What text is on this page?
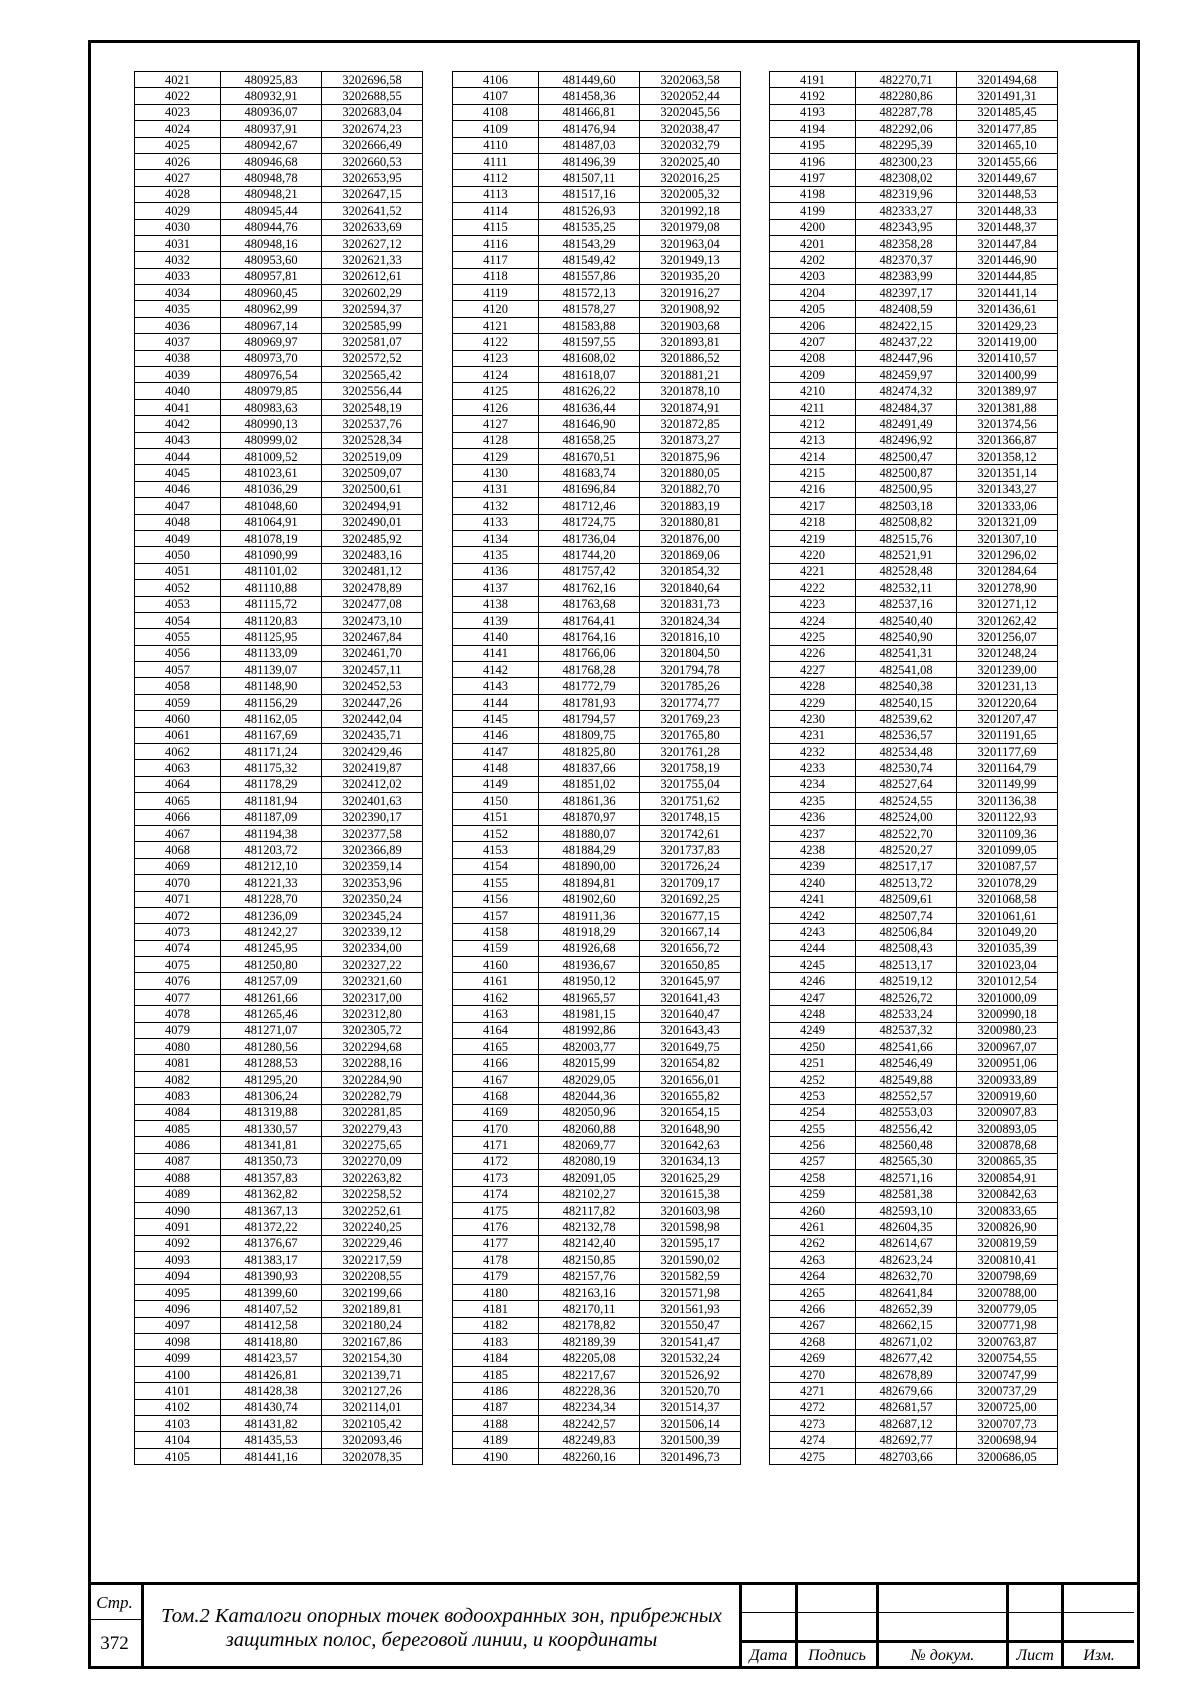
4021	480925,83	3202696,58
4022	480932,91	3202688,55
4023	480936,07	3202683,04
4024	480937,91	3202674,23
4025	480942,67	3202666,49
4026	480946,68	3202660,53
4027	480948,78	3202653,95
4028	480948,21	3202647,15
4029	480945,44	3202641,52
4030	480944,76	3202633,69
4031	480948,16	3202627,12
4032	480953,60	3202621,33
4033	480957,81	3202612,61
4034	480960,45	3202602,29
4035	480962,99	3202594,37
4036	480967,14	3202585,99
4037	480969,97	3202581,07
4038	480973,70	3202572,52
4039	480976,54	3202565,42
4040	480979,85	3202556,44
4041	480983,63	3202548,19
4042	480990,13	3202537,76
4043	480999,02	3202528,34
4044	481009,52	3202519,09
4045	481023,61	3202509,07
4046	481036,29	3202500,61
4047	481048,60	3202494,91
4048	481064,91	3202490,01
4049	481078,19	3202485,92
4050	481090,99	3202483,16
4051	481101,02	3202481,12
4052	481110,88	3202478,89
4053	481115,72	3202477,08
4054	481120,83	3202473,10
4055	481125,95	3202467,84
4056	481133,09	3202461,70
4057	481139,07	3202457,11
4058	481148,90	3202452,53
4059	481156,29	3202447,26
4060	481162,05	3202442,04
4061	481167,69	3202435,71
4062	481171,24	3202429,46
4063	481175,32	3202419,87
4064	481178,29	3202412,02
4065	481181,94	3202401,63
4066	481187,09	3202390,17
4067	481194,38	3202377,58
4068	481203,72	3202366,89
4069	481212,10	3202359,14
4070	481221,33	3202353,96
4071	481228,70	3202350,24
4072	481236,09	3202345,24
4073	481242,27	3202339,12
4074	481245,95	3202334,00
4075	481250,80	3202327,22
4076	481257,09	3202321,60
4077	481261,66	3202317,00
4078	481265,46	3202312,80
4079	481271,07	3202305,72
4080	481280,56	3202294,68
4081	481288,53	3202288,16
4082	481295,20	3202284,90
4083	481306,24	3202282,79
4084	481319,88	3202281,85
4085	481330,57	3202279,43
4086	481341,81	3202275,65
4087	481350,73	3202270,09
4088	481357,83	3202263,82
4089	481362,82	3202258,52
4090	481367,13	3202252,61
4091	481372,22	3202240,25
4092	481376,67	3202229,46
4093	481383,17	3202217,59
4094	481390,93	3202208,55
4095	481399,60	3202199,66
4096	481407,52	3202189,81
4097	481412,58	3202180,24
4098	481418,80	3202167,86
4099	481423,57	3202154,30
4100	481426,81	3202139,71
4101	481428,38	3202127,26
4102	481430,74	3202114,01
4103	481431,82	3202105,42
4104	481435,53	3202093,46
4105	481441,16	3202078,35
4106	481449,60	3202063,58
4107	481458,36	3202052,44
4108	481466,81	3202045,56
4109	481476,94	3202038,47
4110	481487,03	3202032,79
4111	481496,39	3202025,40
4112	481507,11	3202016,25
4113	481517,16	3202005,32
4114	481526,93	3201992,18
4115	481535,25	3201979,08
4116	481543,29	3201963,04
4117	481549,42	3201949,13
4118	481557,86	3201935,20
4119	481572,13	3201916,27
4120	481578,27	3201908,92
4121	481583,88	3201903,68
4122	481597,55	3201893,81
4123	481608,02	3201886,52
4124	481618,07	3201881,21
4125	481626,22	3201878,10
4126	481636,44	3201874,91
4127	481646,90	3201872,85
4128	481658,25	3201873,27
4129	481670,51	3201875,96
4130	481683,74	3201880,05
4131	481696,84	3201882,70
4132	481712,46	3201883,19
4133	481724,75	3201880,81
4134	481736,04	3201876,00
4135	481744,20	3201869,06
4136	481757,42	3201854,32
4137	481762,16	3201840,64
4138	481763,68	3201831,73
4139	481764,41	3201824,34
4140	481764,16	3201816,10
4141	481766,06	3201804,50
4142	481768,28	3201794,78
4143	481772,79	3201785,26
4144	481781,93	3201774,77
4145	481794,57	3201769,23
4146	481809,75	3201765,80
4147	481825,80	3201761,28
4148	481837,66	3201758,19
4149	481851,02	3201755,04
4150	481861,36	3201751,62
4151	481870,97	3201748,15
4152	481880,07	3201742,61
4153	481884,29	3201737,83
4154	481890,00	3201726,24
4155	481894,81	3201709,17
4156	481902,60	3201692,25
4157	481911,36	3201677,15
4158	481918,29	3201667,14
4159	481926,68	3201656,72
4160	481936,67	3201650,85
4161	481950,12	3201645,97
4162	481965,57	3201641,43
4163	481981,15	3201640,47
4164	481992,86	3201643,43
4165	482003,77	3201649,75
4166	482015,99	3201654,82
4167	482029,05	3201656,01
4168	482044,36	3201655,82
4169	482050,96	3201654,15
4170	482060,88	3201648,90
4171	482069,77	3201642,63
4172	482080,19	3201634,13
4173	482091,05	3201625,29
4174	482102,27	3201615,38
4175	482117,82	3201603,98
4176	482132,78	3201598,98
4177	482142,40	3201595,17
4178	482150,85	3201590,02
4179	482157,76	3201582,59
4180	482163,16	3201571,98
4181	482170,11	3201561,93
4182	482178,82	3201550,47
4183	482189,39	3201541,47
4184	482205,08	3201532,24
4185	482217,67	3201526,92
4186	482228,36	3201520,70
4187	482234,34	3201514,37
4188	482242,57	3201506,14
4189	482249,83	3201500,39
4190	482260,16	3201496,73
4191	482270,71	3201494,68
4192	482280,86	3201491,31
4193	482287,78	3201485,45
4194	482292,06	3201477,85
4195	482295,39	3201465,10
4196	482300,23	3201455,66
4197	482308,02	3201449,67
4198	482319,96	3201448,53
4199	482333,27	3201448,33
4200	482343,95	3201448,37
4201	482358,28	3201447,84
4202	482370,37	3201446,90
4203	482383,99	3201444,85
4204	482397,17	3201441,14
4205	482408,59	3201436,61
4206	482422,15	3201429,23
4207	482437,22	3201419,00
4208	482447,96	3201410,57
4209	482459,97	3201400,99
4210	482474,32	3201389,97
4211	482484,37	3201381,88
4212	482491,49	3201374,56
4213	482496,92	3201366,87
4214	482500,47	3201358,12
4215	482500,87	3201351,14
4216	482500,95	3201343,27
4217	482503,18	3201333,06
4218	482508,82	3201321,09
4219	482515,76	3201307,10
4220	482521,91	3201296,02
4221	482528,48	3201284,64
4222	482532,11	3201278,90
4223	482537,16	3201271,12
4224	482540,40	3201262,42
4225	482540,90	3201256,07
4226	482541,31	3201248,24
4227	482541,08	3201239,00
4228	482540,38	3201231,13
4229	482540,15	3201220,64
4230	482539,62	3201207,47
4231	482536,57	3201191,65
4232	482534,48	3201177,69
4233	482530,74	3201164,79
4234	482527,64	3201149,99
4235	482524,55	3201136,38
4236	482524,00	3201122,93
4237	482522,70	3201109,36
4238	482520,27	3201099,05
4239	482517,17	3201087,57
4240	482513,72	3201078,29
4241	482509,61	3201068,58
4242	482507,74	3201061,61
4243	482506,84	3201049,20
4244	482508,43	3201035,39
4245	482513,17	3201023,04
4246	482519,12	3201012,54
4247	482526,72	3201000,09
4248	482533,24	3200990,18
4249	482537,32	3200980,23
4250	482541,66	3200967,07
4251	482546,49	3200951,06
4252	482549,88	3200933,89
4253	482552,57	3200919,60
4254	482553,03	3200907,83
4255	482556,42	3200893,05
4256	482560,48	3200878,68
4257	482565,30	3200865,35
4258	482571,16	3200854,91
4259	482581,38	3200842,63
4260	482593,10	3200833,65
4261	482604,35	3200826,90
4262	482614,67	3200819,59
4263	482623,24	3200810,41
4264	482632,70	3200798,69
4265	482641,84	3200788,00
4266	482652,39	3200779,05
4267	482662,15	3200771,98
4268	482671,02	3200763,87
4269	482677,42	3200754,55
4270	482678,89	3200747,99
4271	482679,66	3200737,29
4272	482681,57	3200725,00
4273	482687,12	3200707,73
4274	482692,77	3200698,94
4275	482703,66	3200686,05
Стр.
372
Том.2 Каталоги опорных точек водоохранных зон, прибрежных
защитных полос, береговой линии, и координаты
Дата	Подпись	№ докум.	Лист	Изм.
